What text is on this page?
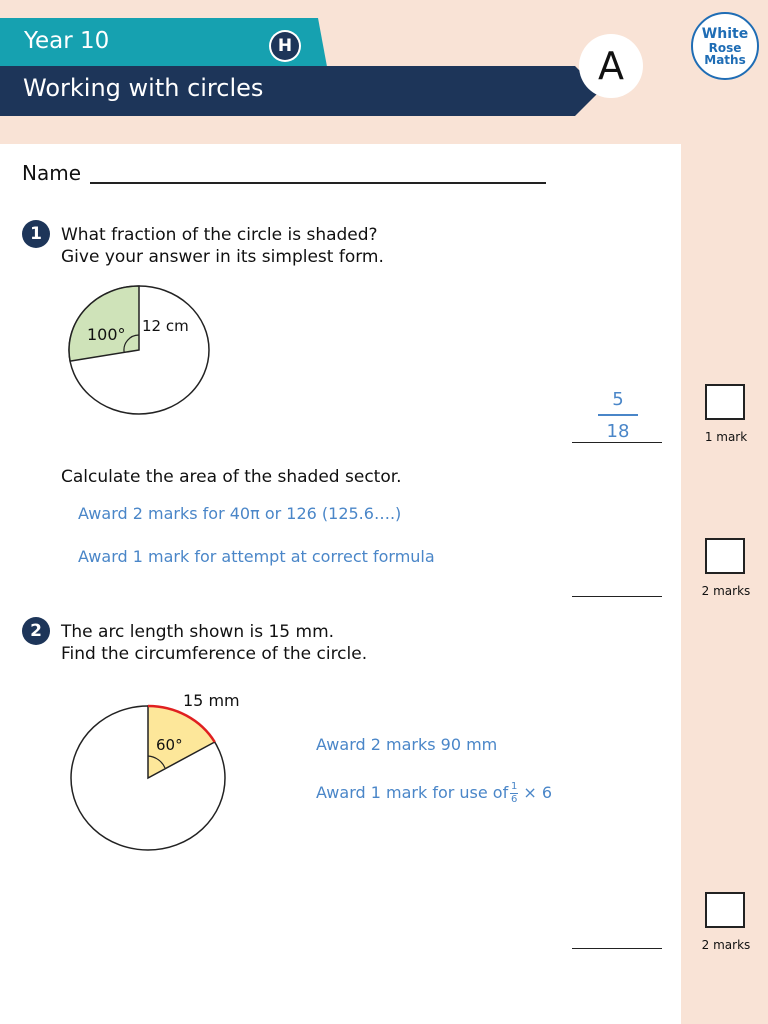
Year 10	H
Working with circles	A
White
Rose
Maths
Name
1	What fraction of the circle is shaded?
Give your answer in its simplest form.
100° 12 cm
5
18	1 mark
Calculate the area of the shaded sector.
Award 2 marks for 40π or 126 (125.6….)
Award 1 mark for attempt at correct formula
2 marks
2	The arc length shown is 15 mm.
Find the circumference of the circle.
15 mm
60°	Award 2 marks 90 mm
Award 1 mark for use of $\frac{1}{6} \times 6$
2 marks
